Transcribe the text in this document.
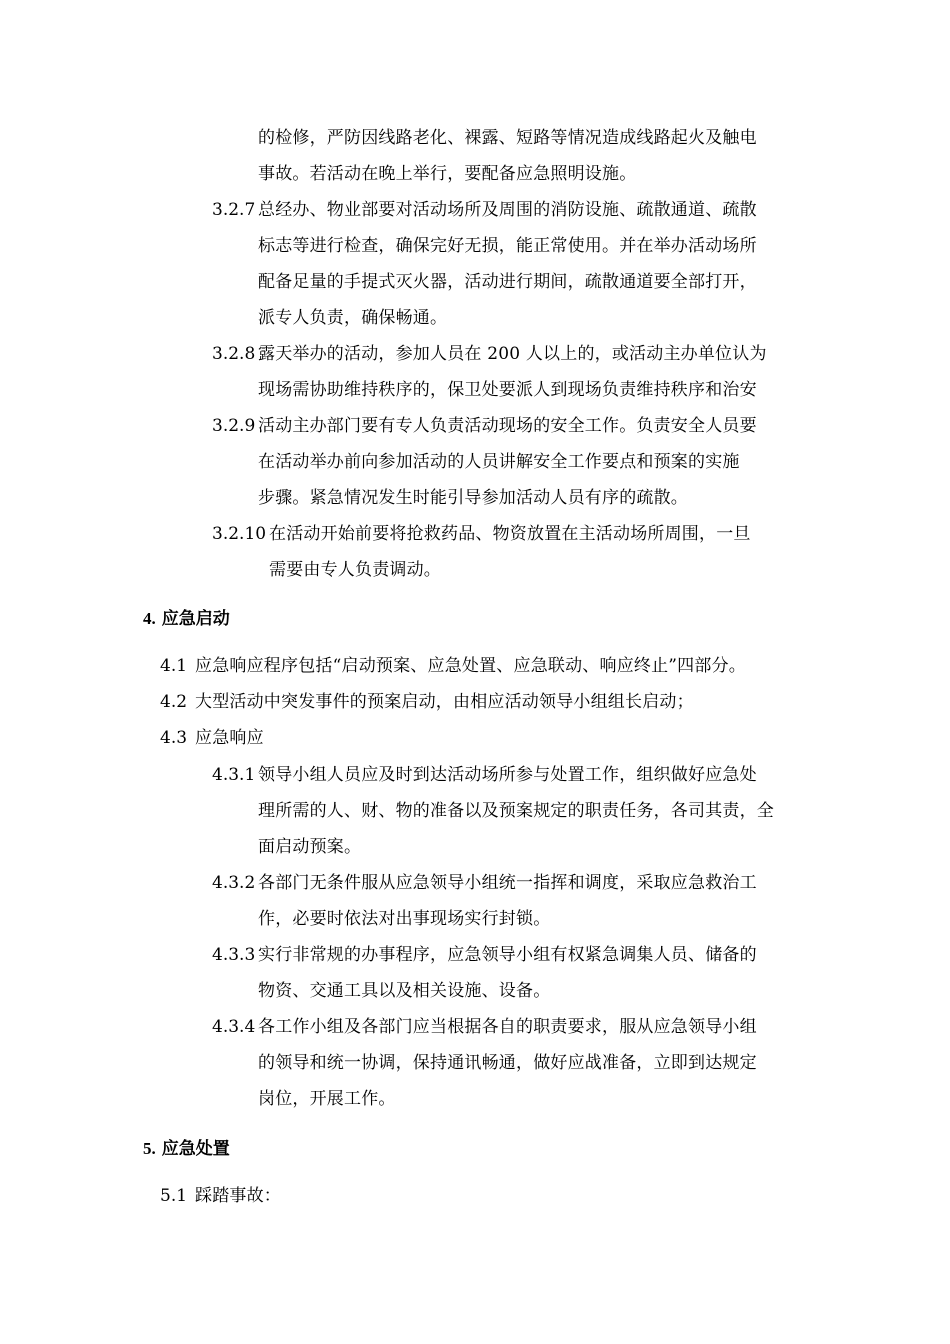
的检修，严防因线路老化、裸露、短路等情况造成线路起火及触电
事故。若活动在晚上举行，要配备应急照明设施。
3.2.7 总经办、物业部要对活动场所及周围的消防设施、疏散通道、疏散
标志等进行检查，确保完好无损，能正常使用。并在举办活动场所
配备足量的手提式灭火器，活动进行期间，疏散通道要全部打开，
派专人负责，确保畅通。
3.2.8 露天举办的活动，参加人员在 200 人以上的，或活动主办单位认为
现场需协助维持秩序的，保卫处要派人到现场负责维持秩序和治安
3.2.9 活动主办部门要有专人负责活动现场的安全工作。负责安全人员要
在活动举办前向参加活动的人员讲解安全工作要点和预案的实施
步骤。紧急情况发生时能引导参加活动人员有序的疏散。
3.2.10 在活动开始前要将抢救药品、物资放置在主活动场所周围，一旦
需要由专人负责调动。
4. 应急启动
4.1 应急响应程序包括“启动预案、应急处置、应急联动、响应终止”四部分。
4.2 大型活动中突发事件的预案启动，由相应活动领导小组组长启动；
4.3 应急响应
4.3.1 领导小组人员应及时到达活动场所参与处置工作，组织做好应急处
理所需的人、财、物的准备以及预案规定的职责任务，各司其责，全
面启动预案。
4.3.2 各部门无条件服从应急领导小组统一指挥和调度，采取应急救治工
作，必要时依法对出事现场实行封锁。
4.3.3 实行非常规的办事程序，应急领导小组有权紧急调集人员、储备的
物资、交通工具以及相关设施、设备。
4.3.4 各工作小组及各部门应当根据各自的职责要求，服从应急领导小组
的领导和统一协调，保持通讯畅通，做好应战准备，立即到达规定
岗位，开展工作。
5. 应急处置
5.1 踩踏事故：
